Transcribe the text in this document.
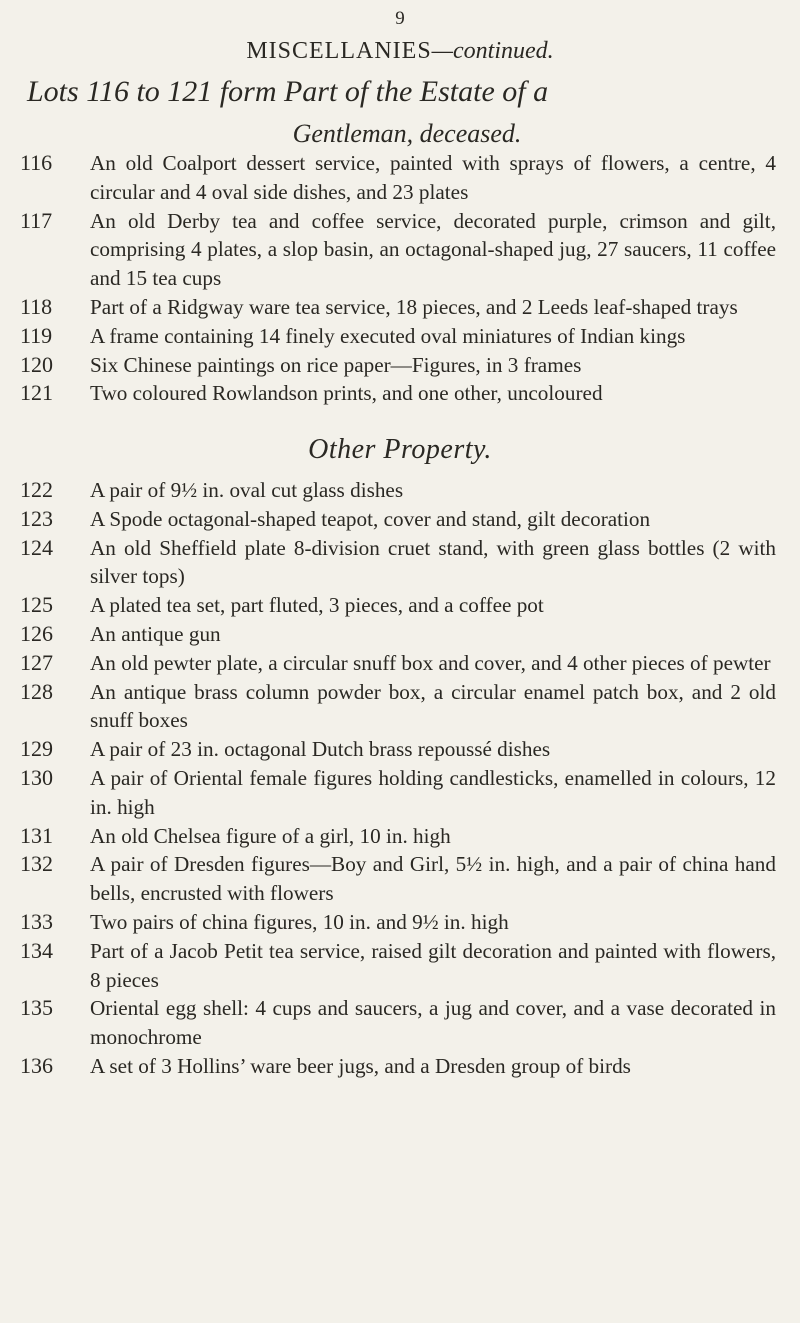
9
MISCELLANIES—continued.
Lots 116 to 121 form Part of the Estate of a
Gentleman, deceased.
116	An old Coalport dessert service, painted with sprays of flowers, a centre, 4 circular and 4 oval side dishes, and 23 plates
117	An old Derby tea and coffee service, decorated purple, crimson and gilt, comprising 4 plates, a slop basin, an octagonal-shaped jug, 27 saucers, 11 coffee and 15 tea cups
118	Part of a Ridgway ware tea service, 18 pieces, and 2 Leeds leaf-shaped trays
119	A frame containing 14 finely executed oval miniatures of Indian kings
120	Six Chinese paintings on rice paper—Figures, in 3 frames
121	Two coloured Rowlandson prints, and one other, uncoloured
Other Property.
122	A pair of 9½ in. oval cut glass dishes
123	A Spode octagonal-shaped teapot, cover and stand, gilt decoration
124	An old Sheffield plate 8-division cruet stand, with green glass bottles (2 with silver tops)
125	A plated tea set, part fluted, 3 pieces, and a coffee pot
126	An antique gun
127	An old pewter plate, a circular snuff box and cover, and 4 other pieces of pewter
128	An antique brass column powder box, a circular enamel patch box, and 2 old snuff boxes
129	A pair of 23 in. octagonal Dutch brass repoussé dishes
130	A pair of Oriental female figures holding candlesticks, enamelled in colours, 12 in. high
131	An old Chelsea figure of a girl, 10 in. high
132	A pair of Dresden figures—Boy and Girl, 5½ in. high, and a pair of china hand bells, encrusted with flowers
133	Two pairs of china figures, 10 in. and 9½ in. high
134	Part of a Jacob Petit tea service, raised gilt decoration and painted with flowers, 8 pieces
135	Oriental egg shell: 4 cups and saucers, a jug and cover, and a vase decorated in monochrome
136	A set of 3 Hollins’ ware beer jugs, and a Dresden group of birds
